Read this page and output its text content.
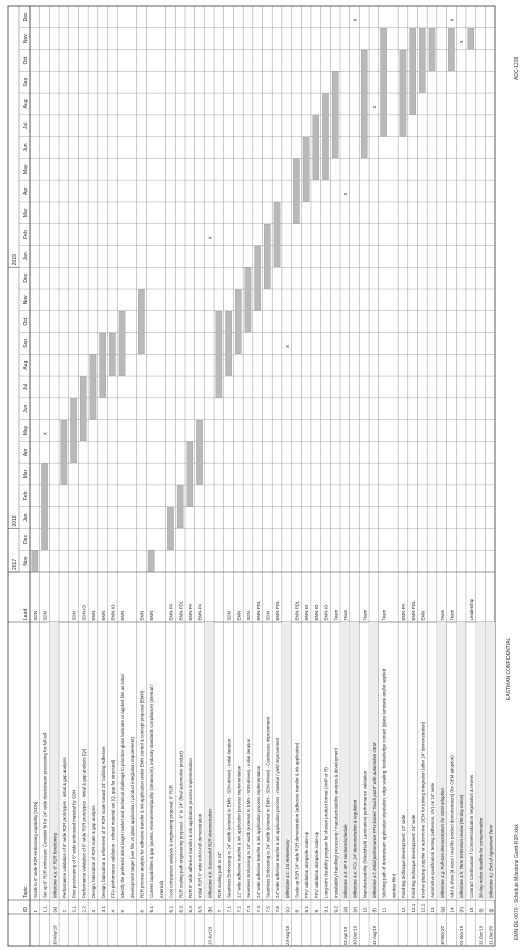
2017
2018
2019
Nov
Dec
Jan
Feb
Mar
Apr
May
Jun
Jul
Aug
Sep
Oct
Nov
Dec
Jan
Feb
Mar
Apr
May
Jun
Jul
Aug
Sep
Oct
Nov
Dec
ID
Topic
Lead
1
Scale to 6" wide R2R embossing capability [SDN]
SDN
1.1
Set up 6" R2R embosser; Consider fit for 24" wide downstream processing for full-roll
SDN
x
30-May'18
(a)
Milestone 4.a: 6" R2R functioning
2
Performance validation of 6" wide R2R prototypes - initial & gap analysis
2.1
First provisioning of 6" wide embossed material by SDN
SDN
2.2
Performance validation of 6" wide R2R prototypes - initial & gap analysis [QI]
SDN-IO
3
Design, fabrication of R2R scale & gap analysis
EMN
3.1
Design, fabrication & refinement of 6" R2R scale toward 24" building Adhesive
EMN
4
FFU performance validation - refined material set (Q, gap for structural)
EMN-IO
5
Identify the preferred initial target market and technical challenge to prioritize glass laminate or applied film as initial
EMN
development target (use film vs glass application / product integration requirement)
6
R2R process analysis for adhesive transfer & ink application under EMN control & concept proposal [EMN]
EMN
6.1
Current capabilities & gap (assets, environment/quality (cleanroom), industry standards compliance) (internal /
EMN
external)
6.2
Cost comparison analysis & engineering proposal: 6" R2R
EMN-PA
6.3
R2R scaling path engineering proposal - 6" to 24" (final automotive product)
EMN-PDL
6.4
R2R 6" wide adhesive transfer & ink application process implementation
EMN-PA
6.5
Initial R2R 6" wide roll-to-roll demonstration
EMN-PA
15-Jun'19
(b)
Milestone 4.b: Successful R2R demonstration
x
7
R2R scaling path to 24"
7.1
Seamless Embossing to 24" width (external to EMN - SDN-driven) - initial iteration
SDN
7.2
12" wide adhesive transfer & ink application process implementation
EMN
7.3
Seamless Embossing to 24" width (external to EMN - SDN-driven) - initial iteration
SDN
7.4
24" wide adhesive transfer & ink application process implementation
EMN-PDL
7.5
Seamless Embossing to 24" width (external to EMN - SDN-driven) - Continuous improvement
SDN
7.6
24" wide adhesive transfer & ink application process - material / yield improvement
EMN-PDL
23-Aug'18
(c)
Milestone 4.c: 1st Anniversary
x
8
Scale-up R2R 24" wide R2R demonstration (adhesive transfer & ink application)
EMN-PDL
8.1
FFU validation alongside scale-up
EMN-IO
9
FFU validation alongside scale-up
EMN-IO
9.1
Long-term durability program for chosen product format (AMP or R)
EMN-IO
9.2
Installability/ handling/ processing / manufacturability analysis & development
Team
01-Apr'19
(d)
Milestone 4.d: IIP # sections/schedule
Team
x
30-Dec'19
(e)
Milestone 4.e: FCI, 24" demonstration & regulation
x
10
Manufacturability (Windshield Lamination) performance validation
Team
31-Aug'19
(f)
Milestone 4.f: Initial performance FFU-based "touch point" with automotive OEM
x
11
Stitching path of downstream application stipulation, edge sealing, busbar/edge contact (glass laminate and/or applied
Team
window film)
12
Finishing technique development: 12" wide
EMN-PA
12.1
Finishing technique development: 24" wide
EMN-PDL
12.2
Involve glazing supplier or automotive OEM for joining integration (after 24" demonstration)
EMN
13
Automotive qualification testing (adhesion, UV) on 24" wide
30-Nov'20
(g)
Milestone 4.g: Full-size demonstrators for OEM adoption
Team
14
Add & show [d-sizes / real-life product demonstrators] (for OEM adoption)
Team
x
01-Nov'19
(h)
Milestone 4.h: Term Extension review (90-day notice)
x
15
Contract Continuation / Commercialization negotiation & review
Leadership
31-Dec'19
(i)
30-day notice deadline for consummation
31-Dec'20
(j)
Milestone 4.j: End of Agreement Term
EASTMAN CONFIDENTIAL
EMN-DE-0070 - Schedule Milestone Gantt-R2R.xlsx
ADC-1238
